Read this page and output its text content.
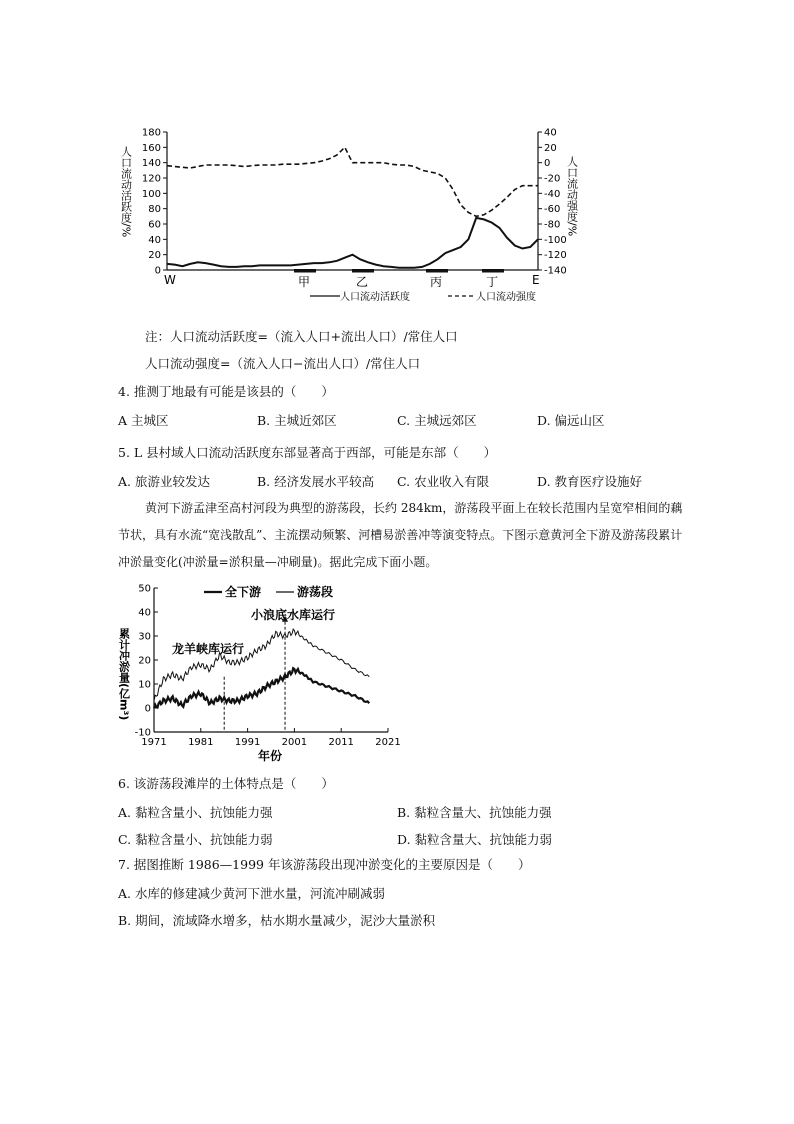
180
160
140
120
100
80
60
40
20
0
40
20
0
-20
-40
-60
-80
-100
-120
-140
W	E
甲	乙	丙	丁
人口流动活跃度/%	人口流动强度/%
人口流动活跃度	人口流动强度
注：人口流动活跃度=（流入人口+流出人口）/常住人口
人口流动强度=（流入人口−流出人口）/常住人口
4. 推测丁地最有可能是该县的（　　）
A 主城区	B. 主城近郊区	C. 主城远郊区	D. 偏远山区
5. L 县村域人口流动活跃度东部显著高于西部，可能是东部（　　）
A. 旅游业较发达	B. 经济发展水平较高 C. 农业收入有限	D. 教育医疗设施好
黄河下游孟津至高村河段为典型的游荡段，长约 284km，游荡段平面上在较长范围内呈宽窄相间的藕
节状，具有水流“宽浅散乱”、主流摆动频繁、河槽易淤善冲等演变特点。下图示意黄河全下游及游荡段累计
冲淤量变化(冲淤量=淤积量—冲刷量)。据此完成下面小题。
50
40
30
20
10
0
-10
1971 1981 1991 2001 2011 2021
全下游	游荡段
龙羊峡库运行
小浪底水库运行
累计冲淤量(亿m³)
年份
6. 该游荡段滩岸的土体特点是（　　）
A. 黏粒含量小、抗蚀能力强	B. 黏粒含量大、抗蚀能力强
C. 黏粒含量小、抗蚀能力弱	D. 黏粒含量大、抗蚀能力弱
7. 据图推断 1986—1999 年该游荡段出现冲淤变化的主要原因是（　　）
A. 水库的修建减少黄河下泄水量，河流冲刷减弱
B. 期间，流域降水增多，枯水期水量减少，泥沙大量淤积
